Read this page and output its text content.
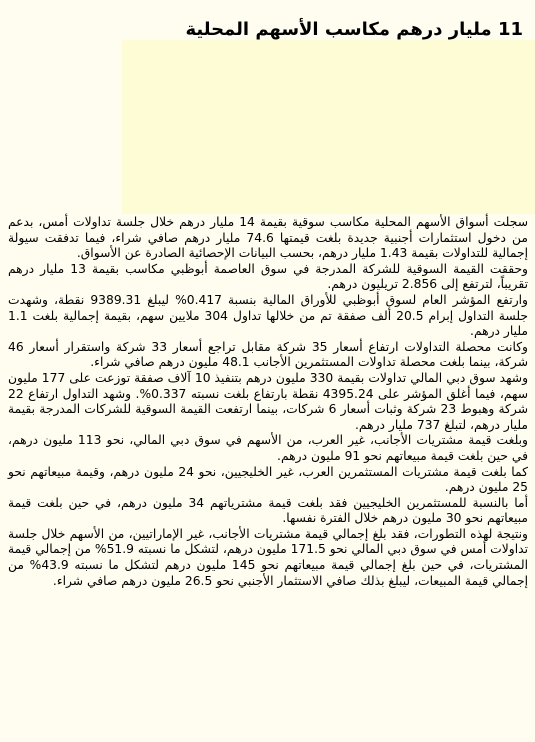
11 مليار درهم مكاسب الأسهم المحلية

سجلت أسواق الأسهم المحلية مكاسب سوقية بقيمة 14 مليار درهم خلال جلسة تداولات أمس، بدعم من دخول استثمارات أجنبية جديدة بلغت قيمتها 74.6 مليار درهم صافي شراء، فيما تدفقت سيولة إجمالية للتداولات بقيمة 1.43 مليار درهم، بحسب البيانات الإحصائية الصادرة عن الأسواق.

وحققت القيمة السوقية للشركة المدرجة في سوق العاصمة أبوظبي مكاسب بقيمة 13 مليار درهم تقريباً، لترتفع إلى 2.856 تريليون درهم.

وارتفع المؤشر العام لسوق أبوظبي للأوراق المالية بنسبة 0.417% ليبلغ 9389.31 نقطة، وشهدت جلسة التداول إبرام 20.5 ألف صفقة تم من خلالها تداول 304 ملايين سهم، بقيمة إجمالية بلغت 1.1 مليار درهم.

وكانت محصلة التداولات ارتفاع أسعار 35 شركة مقابل تراجع أسعار 33 شركة واستقرار أسعار 46 شركة، بينما بلغت محصلة تداولات المستثمرين الأجانب 48.1 مليون درهم صافي شراء.

وشهد سوق دبي المالي تداولات بقيمة 330 مليون درهم بتنفيذ 10 آلاف صفقة توزعت على 177 مليون سهم، فيما أغلق المؤشر على 4395.24 نقطة بارتفاع بلغت نسبته 0.337%. وشهد التداول ارتفاع 22 شركة وهبوط 23 شركة وثبات أسعار 6 شركات، بينما ارتفعت القيمة السوقية للشركات المدرجة بقيمة مليار درهم، لتبلغ 737 مليار درهم.

وبلغت قيمة مشتريات الأجانب، غير العرب، من الأسهم في سوق دبي المالي، نحو 113 مليون درهم، في حين بلغت قيمة مبيعاتهم نحو 91 مليون درهم.

كما بلغت قيمة مشتريات المستثمرين العرب، غير الخليجيين، نحو 24 مليون درهم، وقيمة مبيعاتهم نحو 25 مليون درهم.

أما بالنسبة للمستثمرين الخليجيين فقد بلغت قيمة مشترياتهم 34 مليون درهم، في حين بلغت قيمة مبيعاتهم نحو 30 مليون درهم خلال الفترة نفسها.

ونتيجة لهذه التطورات، فقد بلغ إجمالي قيمة مشتريات الأجانب، غير الإماراتيين، من الأسهم خلال جلسة تداولات أمس في سوق دبي المالي نحو 171.5 مليون درهم، لتشكل ما نسبته 51.9% من إجمالي قيمة المشتريات، في حين بلغ إجمالي قيمة مبيعاتهم نحو 145 مليون درهم لتشكل ما نسبته 43.9% من إجمالي قيمة المبيعات، ليبلغ بذلك صافي الاستثمار الأجنبي نحو 26.5 مليون درهم صافي شراء.
